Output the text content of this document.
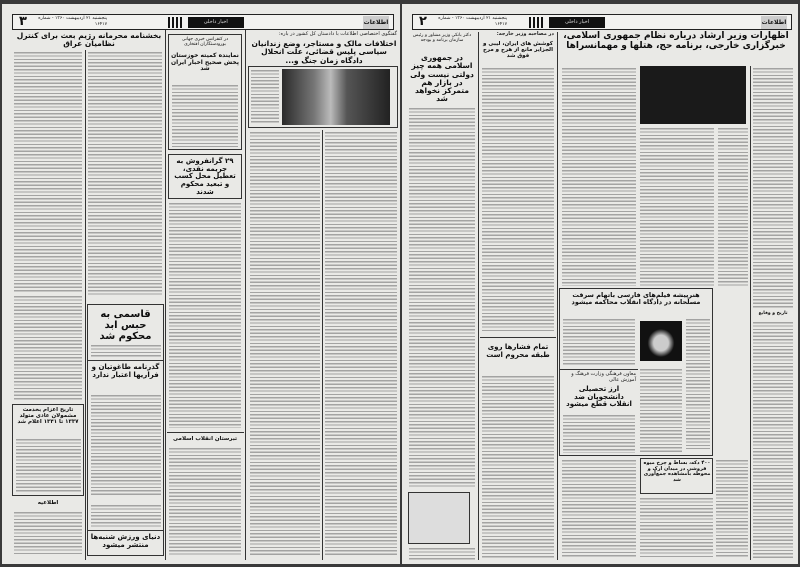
۳	پنجشنبه ۲۱ اردیبهشت ۱۳۶۰ - شماره ۱۶۴۱۷	اخبار داخلی	اطلاعات
بخشنامه محرمانه رژیم بعث برای کنترل نظامیان عراق	در کنفرانس خبری جهانی بورودستگاران افتخاری
نماینده کمیته خوزستان پخش صحیح اخبار ایران شد
گفتگوی اختصاصی اطلاعات با دادستان کل کشور در باره:
اختلافات مالک و مستاجر، وضع زندانیان سیاسی پلیس قضائی، علت انحلال دادگاه زمان جنگ و...
۲۹ گرانفروش به جریمه نقدی، تعطیل محل کسب و تبعید محکوم شدند
تبرستان انقلاب اسلامی
قاسمی به حبس ابد محکوم شد
گذرنامه طاغوتیان و فراریها اعتبار ندارد
دنیای ورزش شنبه‌ها منتشر میشود
تاریخ اعزام بخدمت مشمولان عادی متولد ۱۳۳۷ تا ۱۳۴۱ اعلام شد
اطلاعیه
۲	پنجشنبه ۲۱ اردیبهشت ۱۳۶۰ - شماره ۱۶۴۱۷	اخبار داخلی	اطلاعات
دکتر بانکی وزیر مشاور و رئیس سازمان برنامه و بودجه
در جمهوری اسلامی همه چیز دولتی نیست ولی در بازار هم متمرکز نخواهد شد
در مصاحبه وزیر خارجه:
کوشش های ایران، لیبی و الجزایر مانع از هرج و مرج فوق شد
تمام فشارها روی طبقه محروم است
اظهارات وزیر ارشاد درباره نظام جمهوری اسلامی، خبرگزاری خارجی، برنامه حج، هتلها و مهمانسراها
تاریخ و وقایع
هنرپیشه فیلم‌های فارسی باتهام سرقت مسلحانه در دادگاه انقلاب محاکمه میشود
معاون فرهنگی وزارت فرهنگ و آموزش عالی
ارز تحصیلی دانشجویان ضد انقلاب قطع میشود
۴۰۰ دکه، بساط و چرخ میوه فروشی در میدان ارک و محوطه بامشاهده جمع‌آوری شد
